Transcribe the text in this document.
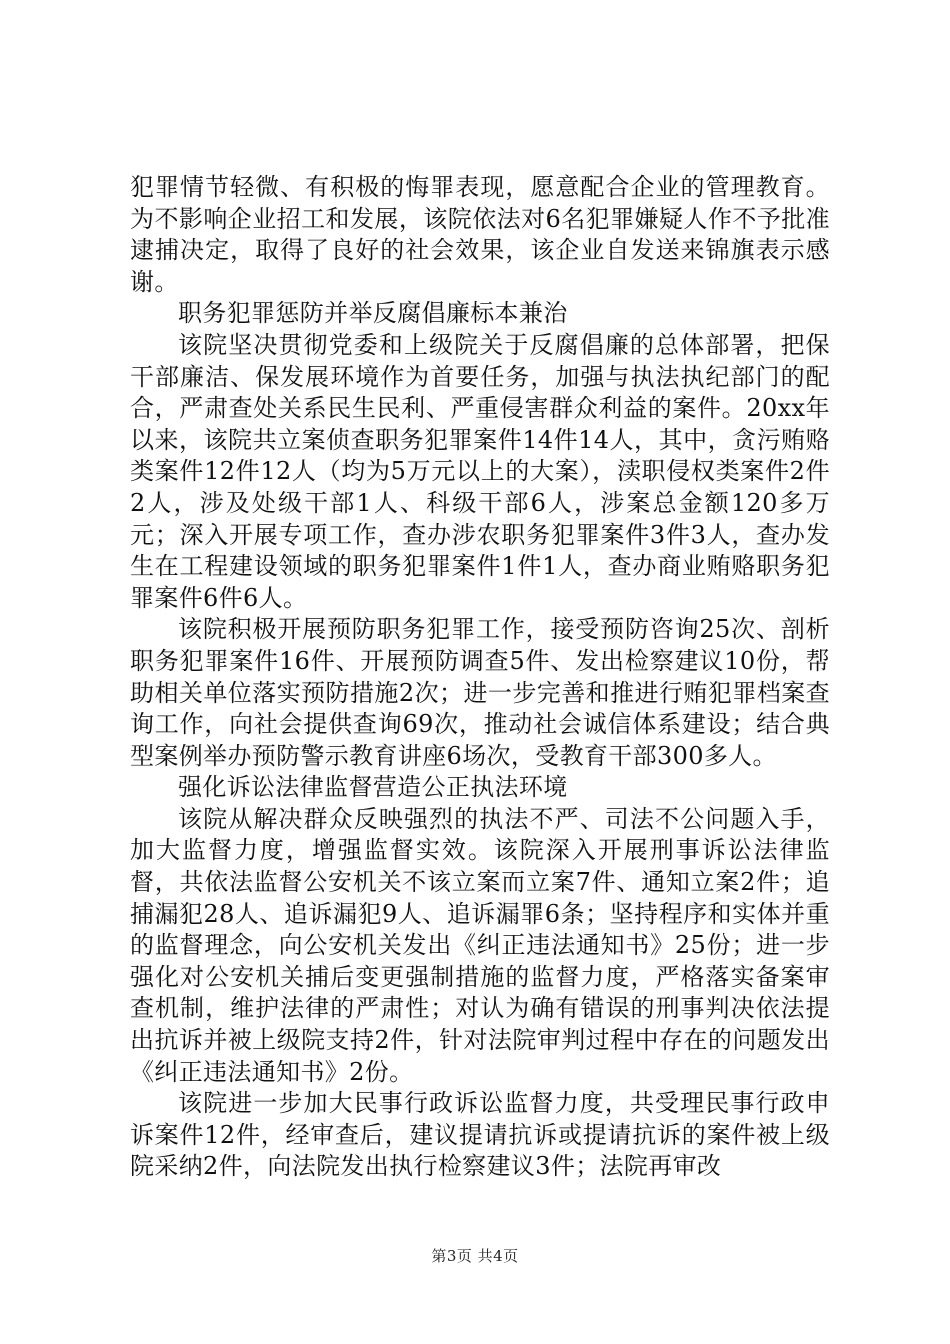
犯罪情节轻微、有积极的悔罪表现，愿意配合企业的管理教育。为不影响企业招工和发展，该院依法对6名犯罪嫌疑人作不予批准逮捕决定，取得了良好的社会效果，该企业自发送来锦旗表示感谢。

职务犯罪惩防并举反腐倡廉标本兼治

该院坚决贯彻党委和上级院关于反腐倡廉的总体部署，把保干部廉洁、保发展环境作为首要任务，加强与执法执纪部门的配合，严肃查处关系民生民利、严重侵害群众利益的案件。20xx年以来，该院共立案侦查职务犯罪案件14件14人，其中，贪污贿赂类案件12件12人（均为5万元以上的大案），渎职侵权类案件2件2人，涉及处级干部1人、科级干部6人，涉案总金额120多万元；深入开展专项工作，查办涉农职务犯罪案件3件3人，查办发生在工程建设领域的职务犯罪案件1件1人，查办商业贿赂职务犯罪案件6件6人。

该院积极开展预防职务犯罪工作，接受预防咨询25次、剖析职务犯罪案件16件、开展预防调查5件、发出检察建议10份，帮助相关单位落实预防措施2次；进一步完善和推进行贿犯罪档案查询工作，向社会提供查询69次，推动社会诚信体系建设；结合典型案例举办预防警示教育讲座6场次，受教育干部300多人。

强化诉讼法律监督营造公正执法环境

该院从解决群众反映强烈的执法不严、司法不公问题入手，加大监督力度，增强监督实效。该院深入开展刑事诉讼法律监督，共依法监督公安机关不该立案而立案7件、通知立案2件；追捕漏犯28人、追诉漏犯9人、追诉漏罪6条；坚持程序和实体并重的监督理念，向公安机关发出《纠正违法通知书》25份；进一步强化对公安机关捕后变更强制措施的监督力度，严格落实备案审查机制，维护法律的严肃性；对认为确有错误的刑事判决依法提出抗诉并被上级院支持2件，针对法院审判过程中存在的问题发出《纠正违法通知书》2份。

该院进一步加大民事行政诉讼监督力度，共受理民事行政申诉案件12件，经审查后，建议提请抗诉或提请抗诉的案件被上级院采纳2件，向法院发出执行检察建议3件；法院再审改

第3页 共4页
